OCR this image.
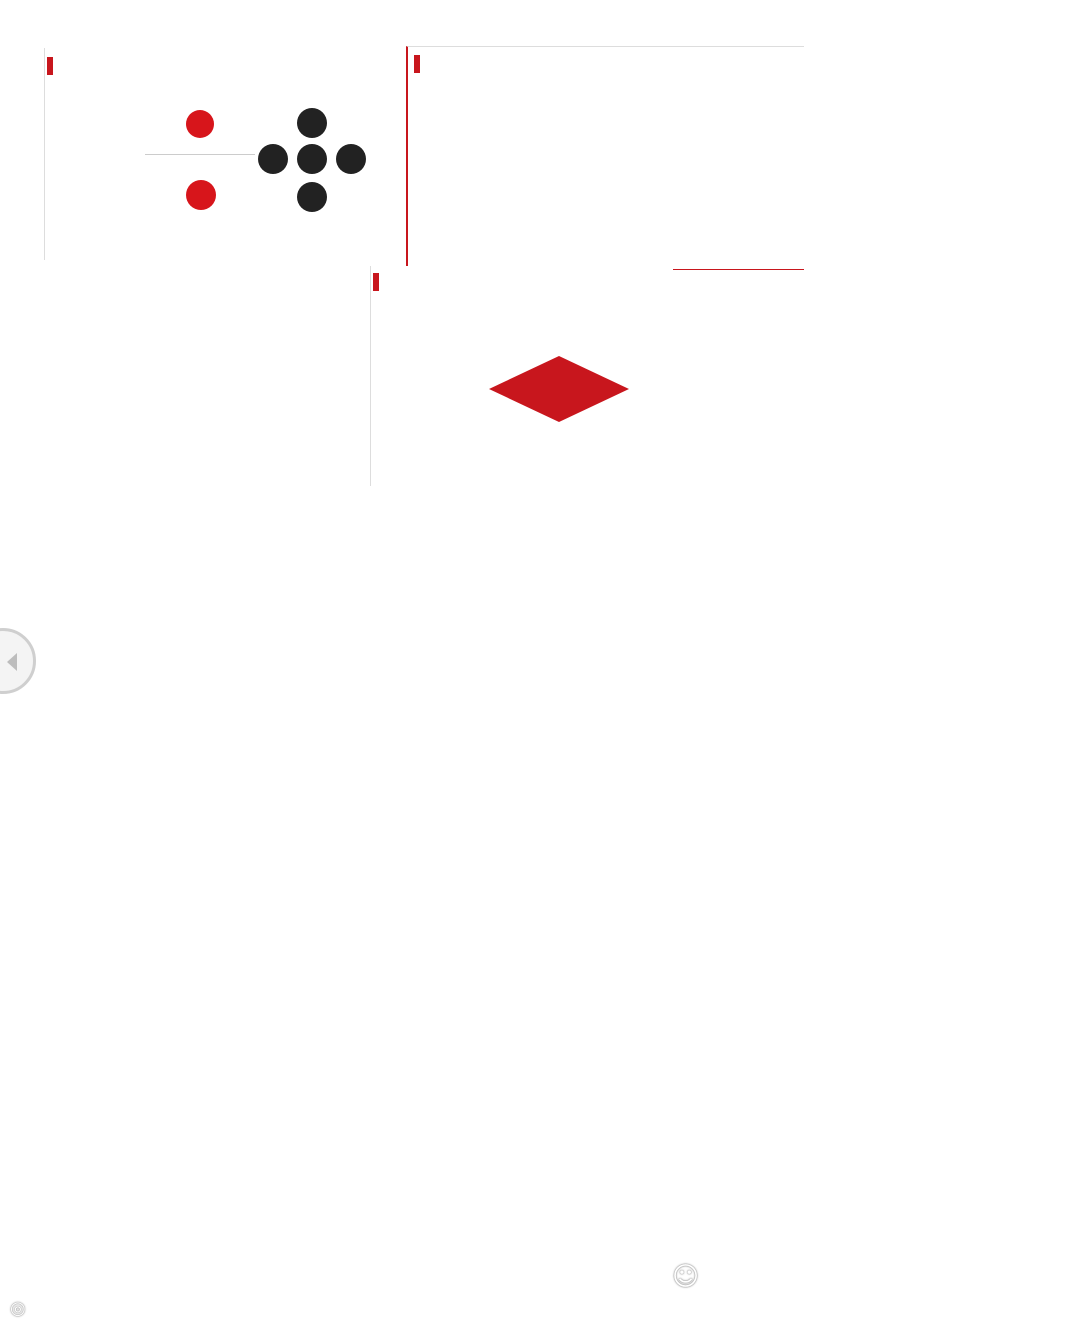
☺
◎
